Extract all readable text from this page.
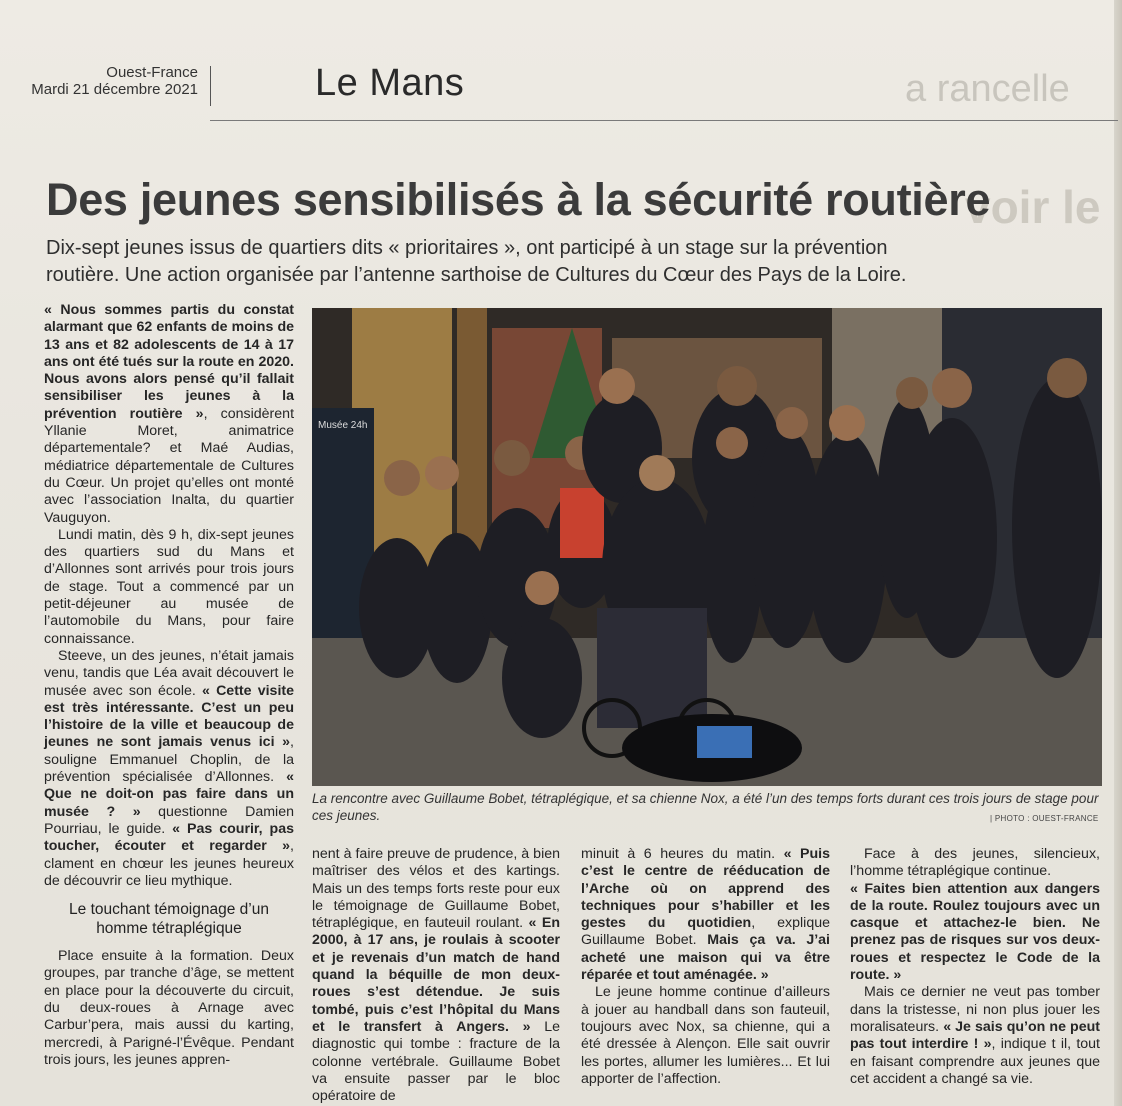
a rancelle
voir le
Ouest-France
Mardi 21 décembre 2021	Le Mans
Des jeunes sensibilisés à la sécurité routière
Dix-sept jeunes issus de quartiers dits « prioritaires », ont participé à un stage sur la prévention routière. Une action organisée par l’antenne sarthoise de Cultures du Cœur des Pays de la Loire.

« Nous sommes partis du constat alarmant que 62 enfants de moins de 13 ans et 82 adolescents de 14 à 17 ans ont été tués sur la route en 2020. Nous avons alors pensé qu’il fallait sensibiliser les jeunes à la prévention routière », considèrent Yllanie Moret, animatrice départementale? et Maé Audias, médiatrice départementale de Cultures du Cœur. Un projet qu’elles ont monté avec l’association Inalta, du quartier Vauguyon.

Lundi matin, dès 9 h, dix-sept jeunes des quartiers sud du Mans et d’Allonnes sont arrivés pour trois jours de stage. Tout a commencé par un petit-déjeuner au musée de l’automobile du Mans, pour faire connaissance.

Steeve, un des jeunes, n’était jamais venu, tandis que Léa avait découvert le musée avec son école. « Cette visite est très intéressante. C’est un peu l’histoire de la ville et beaucoup de jeunes ne sont jamais venus ici », souligne Emmanuel Choplin, de la prévention spécialisée d’Allonnes. « Que ne doit-on pas faire dans un musée ? » questionne Damien Pourriau, le guide. « Pas courir, pas toucher, écouter et regarder », clament en chœur les jeunes heureux de découvrir ce lieu mythique.

Le touchant témoignage d’un homme tétraplégique

Place ensuite à la formation. Deux groupes, par tranche d’âge, se mettent en place pour la découverte du circuit, du deux-roues à Arnage avec Carbur’pera, mais aussi du karting, mercredi, à Parigné-l’Évêque. Pendant trois jours, les jeunes appren-

Musée 24h
La rencontre avec Guillaume Bobet, tétraplégique, et sa chienne Nox, a été l’un des temps forts durant ces trois jours de stage pour ces jeunes.	| PHOTO : OUEST-FRANCE

nent à faire preuve de prudence, à bien maîtriser des vélos et des kartings. Mais un des temps forts reste pour eux le témoignage de Guillaume Bobet, tétraplégique, en fauteuil roulant. « En 2000, à 17 ans, je roulais à scooter et je revenais d’un match de hand quand la béquille de mon deux-roues s’est détendue. Je suis tombé, puis c’est l’hôpital du Mans et le transfert à Angers. » Le diagnostic qui tombe : fracture de la colonne vertébrale. Guillaume Bobet va ensuite passer par le bloc opératoire de

minuit à 6 heures du matin. « Puis c’est le centre de rééducation de l’Arche où on apprend des techniques pour s’habiller et les gestes du quotidien, explique Guillaume Bobet. Mais ça va. J’ai acheté une maison qui va être réparée et tout aménagée. »

Le jeune homme continue d’ailleurs à jouer au handball dans son fauteuil, toujours avec Nox, sa chienne, qui a été dressée à Alençon. Elle sait ouvrir les portes, allumer les lumières... Et lui apporter de l’affection.

Face à des jeunes, silencieux, l’homme tétraplégique continue.

« Faites bien attention aux dangers de la route. Roulez toujours avec un casque et attachez-le bien. Ne prenez pas de risques sur vos deux-roues et respectez le Code de la route. »

Mais ce dernier ne veut pas tomber dans la tristesse, ni non plus jouer les moralisateurs. « Je sais qu’on ne peut pas tout interdire ! », indique t il, tout en faisant comprendre aux jeunes que cet accident a changé sa vie.
